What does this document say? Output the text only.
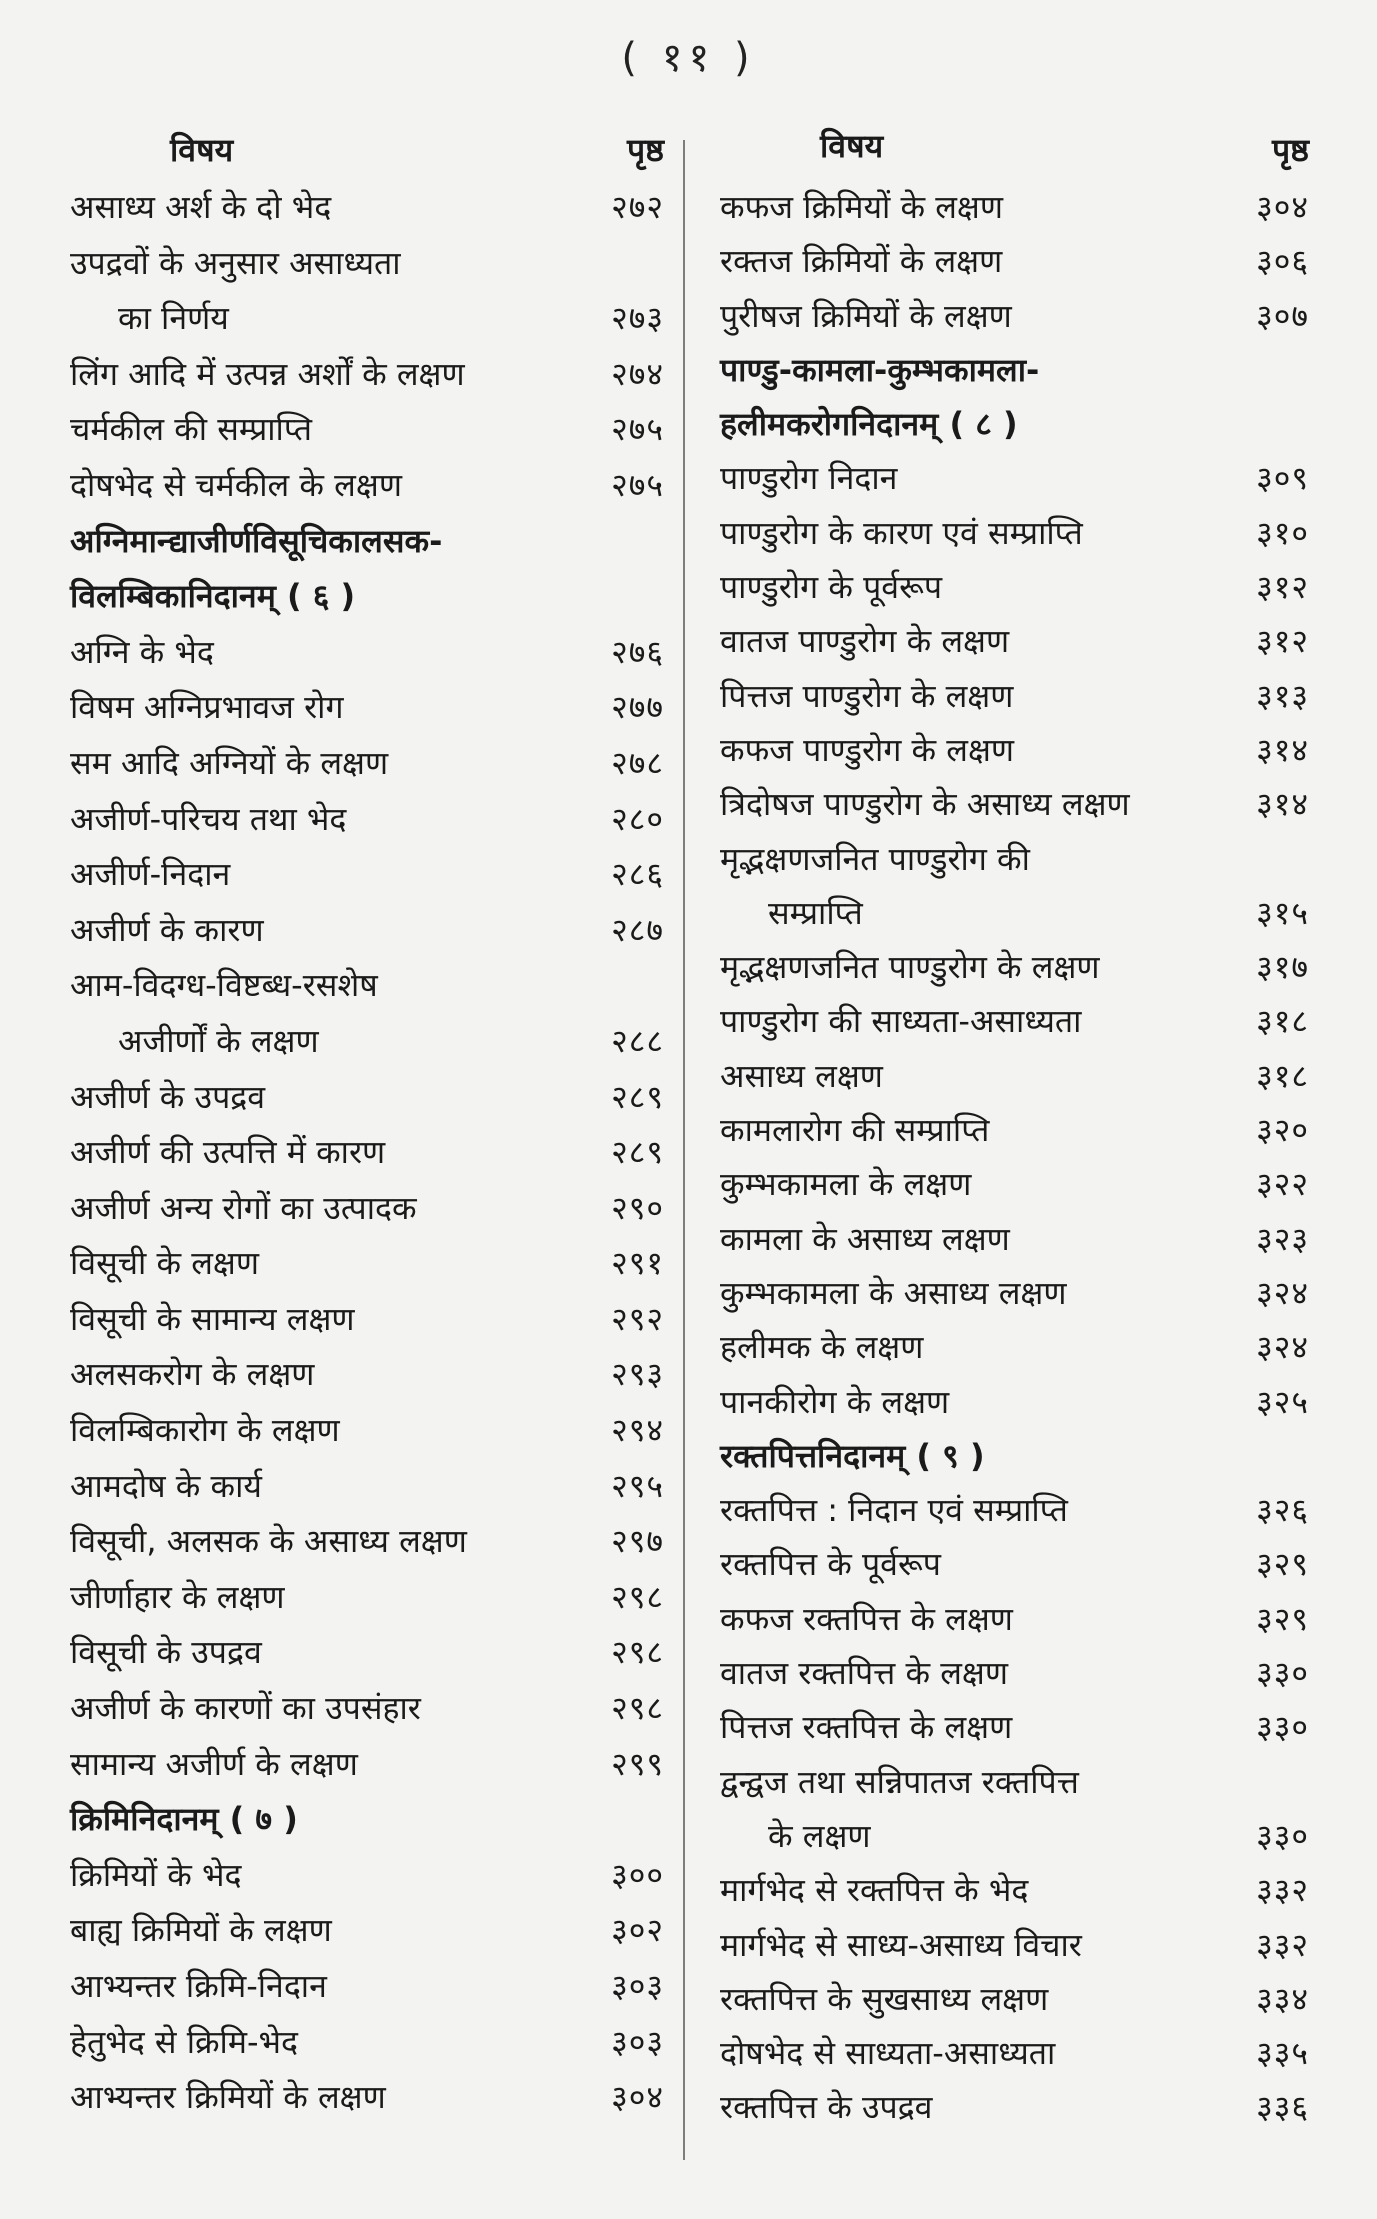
( ११ )
विषय	पृष्ठ
असाध्य अर्श के दो भेद	२७२
उपद्रवों के अनुसार असाध्यता
का निर्णय	२७३
लिंग आदि में उत्पन्न अर्शों के लक्षण	२७४
चर्मकील की सम्प्राप्ति	२७५
दोषभेद से चर्मकील के लक्षण	२७५
अग्निमान्द्याजीर्णविसूचिकालसक-
विलम्बिकानिदानम् ( ६ )
अग्नि के भेद	२७६
विषम अग्निप्रभावज रोग	२७७
सम आदि अग्नियों के लक्षण	२७८
अजीर्ण-परिचय तथा भेद	२८०
अजीर्ण-निदान	२८६
अजीर्ण के कारण	२८७
आम-विदग्ध-विष्टब्ध-रसशेष
अजीर्णों के लक्षण	२८८
अजीर्ण के उपद्रव	२८९
अजीर्ण की उत्पत्ति में कारण	२८९
अजीर्ण अन्य रोगों का उत्पादक	२९०
विसूची के लक्षण	२९१
विसूची के सामान्य लक्षण	२९२
अलसकरोग के लक्षण	२९३
विलम्बिकारोग के लक्षण	२९४
आमदोष के कार्य	२९५
विसूची, अलसक के असाध्य लक्षण	२९७
जीर्णाहार के लक्षण	२९८
विसूची के उपद्रव	२९८
अजीर्ण के कारणों का उपसंहार	२९८
सामान्य अजीर्ण के लक्षण	२९९
क्रिमिनिदानम् ( ७ )
क्रिमियों के भेद	३००
बाह्य क्रिमियों के लक्षण	३०२
आभ्यन्तर क्रिमि-निदान	३०३
हेतुभेद से क्रिमि-भेद	३०३
आभ्यन्तर क्रिमियों के लक्षण	३०४
विषय	पृष्ठ
कफज क्रिमियों के लक्षण	३०४
रक्तज क्रिमियों के लक्षण	३०६
पुरीषज क्रिमियों के लक्षण	३०७
पाण्डु-कामला-कुम्भकामला-
हलीमकरोगनिदानम् ( ८ )
पाण्डुरोग निदान	३०९
पाण्डुरोग के कारण एवं सम्प्राप्ति	३१०
पाण्डुरोग के पूर्वरूप	३१२
वातज पाण्डुरोग के लक्षण	३१२
पित्तज पाण्डुरोग के लक्षण	३१३
कफज पाण्डुरोग के लक्षण	३१४
त्रिदोषज पाण्डुरोग के असाध्य लक्षण	३१४
मृद्भक्षणजनित पाण्डुरोग की
सम्प्राप्ति	३१५
मृद्भक्षणजनित पाण्डुरोग के लक्षण	३१७
पाण्डुरोग की साध्यता-असाध्यता	३१८
असाध्य लक्षण	३१८
कामलारोग की सम्प्राप्ति	३२०
कुम्भकामला के लक्षण	३२२
कामला के असाध्य लक्षण	३२३
कुम्भकामला के असाध्य लक्षण	३२४
हलीमक के लक्षण	३२४
पानकीरोग के लक्षण	३२५
रक्तपित्तनिदानम् ( ९ )
रक्तपित्त : निदान एवं सम्प्राप्ति	३२६
रक्तपित्त के पूर्वरूप	३२९
कफज रक्तपित्त के लक्षण	३२९
वातज रक्तपित्त के लक्षण	३३०
पित्तज रक्तपित्त के लक्षण	३३०
द्वन्द्वज तथा सन्निपातज रक्तपित्त
के लक्षण	३३०
मार्गभेद से रक्तपित्त के भेद	३३२
मार्गभेद से साध्य-असाध्य विचार	३३२
रक्तपित्त के सुखसाध्य लक्षण	३३४
दोषभेद से साध्यता-असाध्यता	३३५
रक्तपित्त के उपद्रव	३३६
